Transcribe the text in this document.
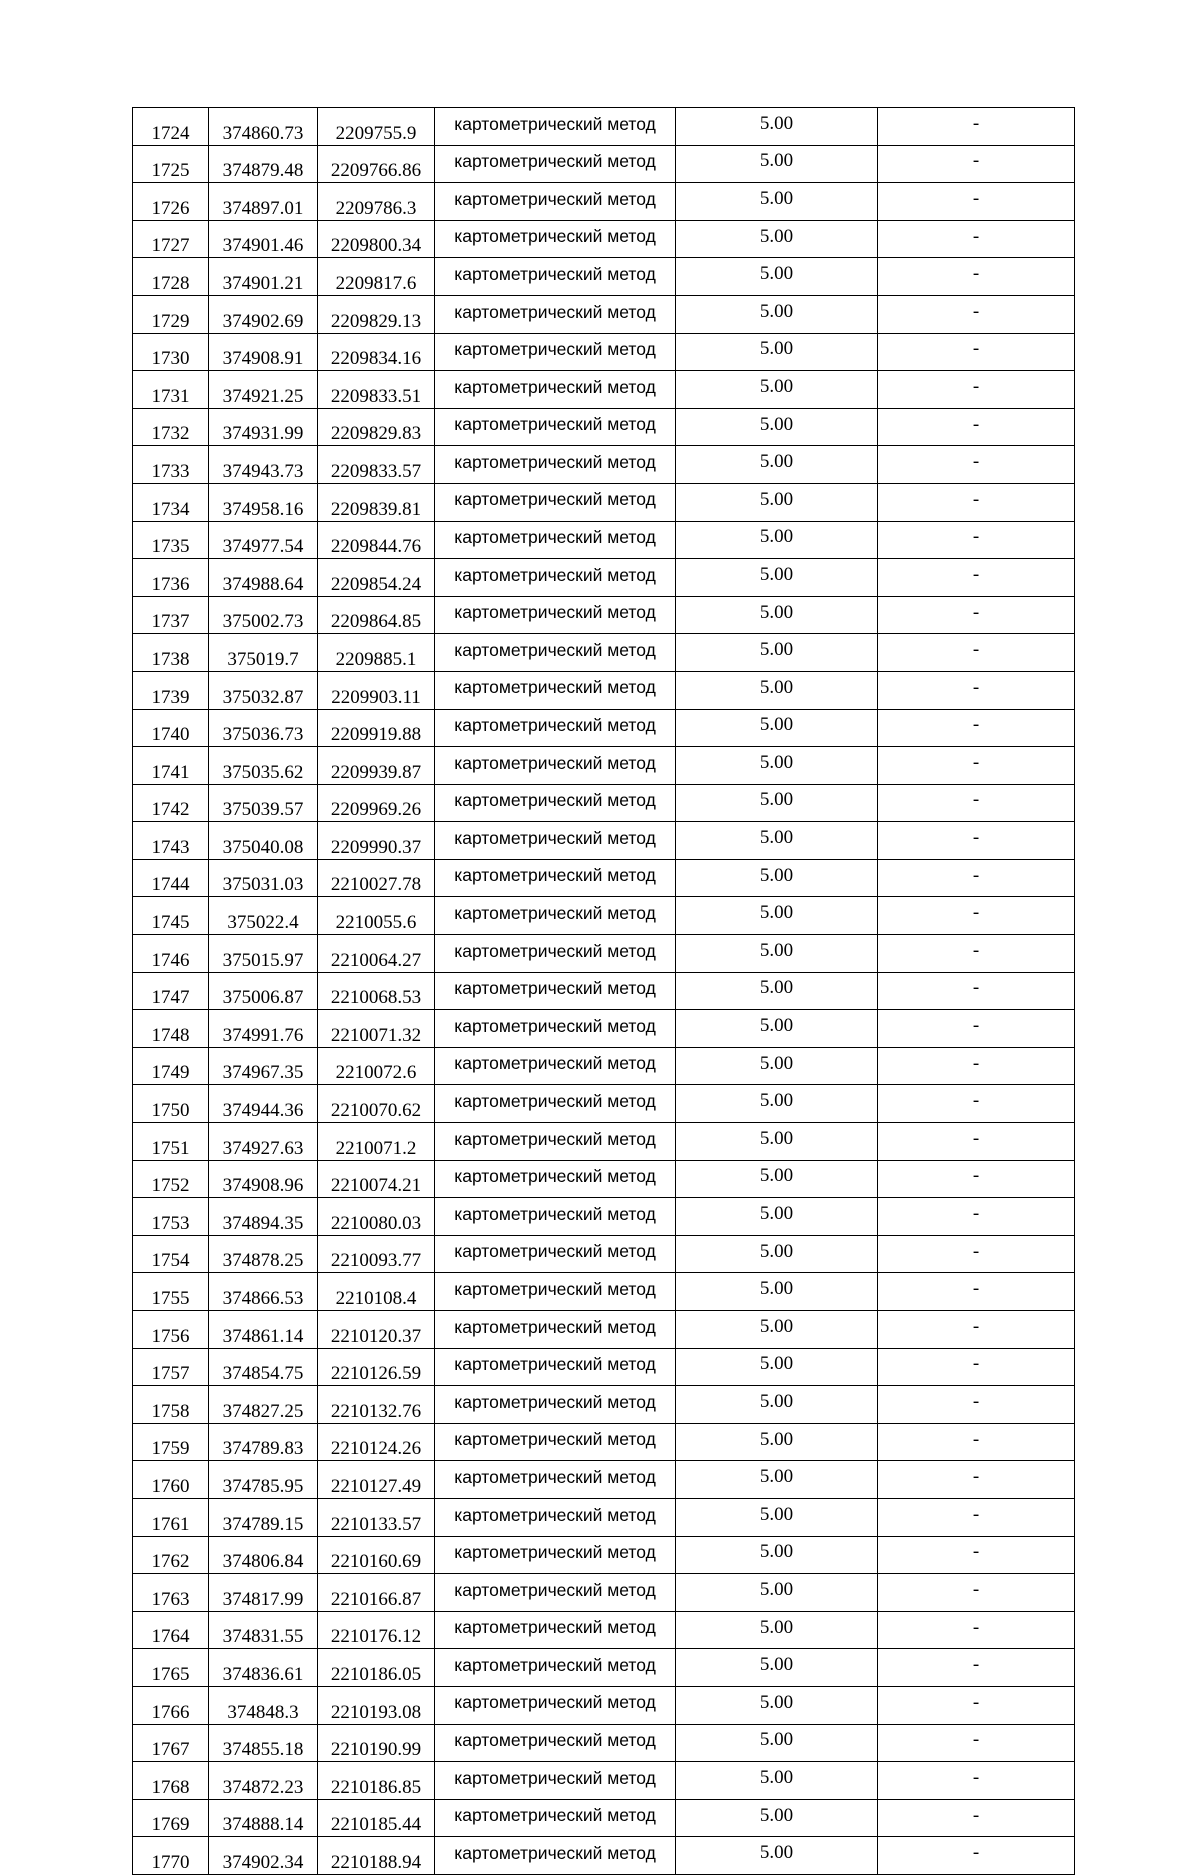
1724	374860.73	2209755.9	картометрический метод	5.00	-
1725	374879.48	2209766.86	картометрический метод	5.00	-
1726	374897.01	2209786.3	картометрический метод	5.00	-
1727	374901.46	2209800.34	картометрический метод	5.00	-
1728	374901.21	2209817.6	картометрический метод	5.00	-
1729	374902.69	2209829.13	картометрический метод	5.00	-
1730	374908.91	2209834.16	картометрический метод	5.00	-
1731	374921.25	2209833.51	картометрический метод	5.00	-
1732	374931.99	2209829.83	картометрический метод	5.00	-
1733	374943.73	2209833.57	картометрический метод	5.00	-
1734	374958.16	2209839.81	картометрический метод	5.00	-
1735	374977.54	2209844.76	картометрический метод	5.00	-
1736	374988.64	2209854.24	картометрический метод	5.00	-
1737	375002.73	2209864.85	картометрический метод	5.00	-
1738	375019.7	2209885.1	картометрический метод	5.00	-
1739	375032.87	2209903.11	картометрический метод	5.00	-
1740	375036.73	2209919.88	картометрический метод	5.00	-
1741	375035.62	2209939.87	картометрический метод	5.00	-
1742	375039.57	2209969.26	картометрический метод	5.00	-
1743	375040.08	2209990.37	картометрический метод	5.00	-
1744	375031.03	2210027.78	картометрический метод	5.00	-
1745	375022.4	2210055.6	картометрический метод	5.00	-
1746	375015.97	2210064.27	картометрический метод	5.00	-
1747	375006.87	2210068.53	картометрический метод	5.00	-
1748	374991.76	2210071.32	картометрический метод	5.00	-
1749	374967.35	2210072.6	картометрический метод	5.00	-
1750	374944.36	2210070.62	картометрический метод	5.00	-
1751	374927.63	2210071.2	картометрический метод	5.00	-
1752	374908.96	2210074.21	картометрический метод	5.00	-
1753	374894.35	2210080.03	картометрический метод	5.00	-
1754	374878.25	2210093.77	картометрический метод	5.00	-
1755	374866.53	2210108.4	картометрический метод	5.00	-
1756	374861.14	2210120.37	картометрический метод	5.00	-
1757	374854.75	2210126.59	картометрический метод	5.00	-
1758	374827.25	2210132.76	картометрический метод	5.00	-
1759	374789.83	2210124.26	картометрический метод	5.00	-
1760	374785.95	2210127.49	картометрический метод	5.00	-
1761	374789.15	2210133.57	картометрический метод	5.00	-
1762	374806.84	2210160.69	картометрический метод	5.00	-
1763	374817.99	2210166.87	картометрический метод	5.00	-
1764	374831.55	2210176.12	картометрический метод	5.00	-
1765	374836.61	2210186.05	картометрический метод	5.00	-
1766	374848.3	2210193.08	картометрический метод	5.00	-
1767	374855.18	2210190.99	картометрический метод	5.00	-
1768	374872.23	2210186.85	картометрический метод	5.00	-
1769	374888.14	2210185.44	картометрический метод	5.00	-
1770	374902.34	2210188.94	картометрический метод	5.00	-
